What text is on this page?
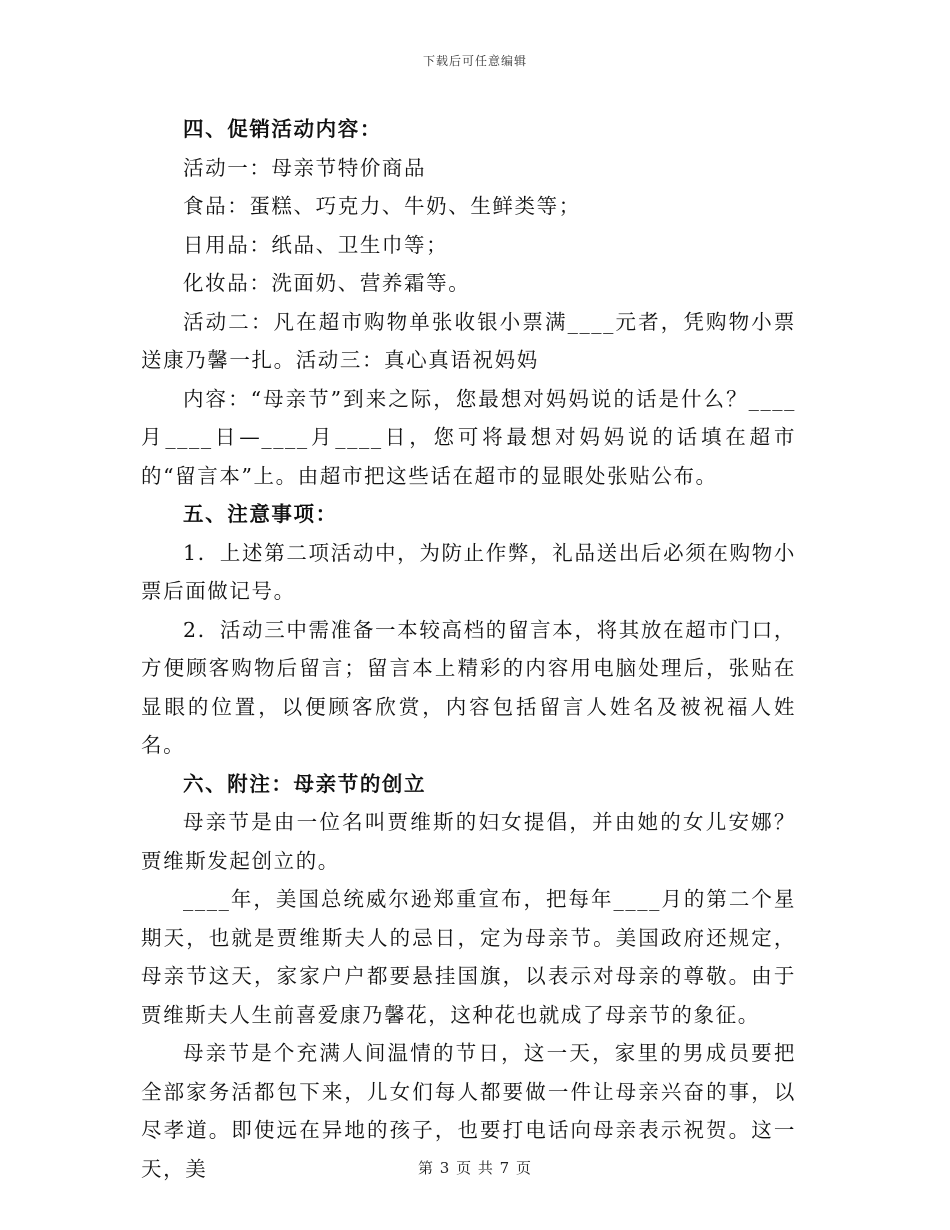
下载后可任意编辑

四、促销活动内容：

活动一：母亲节特价商品

食品：蛋糕、巧克力、牛奶、生鲜类等；

日用品：纸品、卫生巾等；

化妆品：洗面奶、营养霜等。

活动二：凡在超市购物单张收银小票满____元者，凭购物小票送康乃馨一扎。活动三：真心真语祝妈妈

内容：“母亲节”到来之际，您最想对妈妈说的话是什么？____月____日—____月____日，您可将最想对妈妈说的话填在超市的“留言本”上。由超市把这些话在超市的显眼处张贴公布。

五、注意事项：

1．上述第二项活动中，为防止作弊，礼品送出后必须在购物小票后面做记号。

2．活动三中需准备一本较高档的留言本，将其放在超市门口，方便顾客购物后留言；留言本上精彩的内容用电脑处理后，张贴在显眼的位置，以便顾客欣赏，内容包括留言人姓名及被祝福人姓名。

六、附注：母亲节的创立

母亲节是由一位名叫贾维斯的妇女提倡，并由她的女儿安娜？贾维斯发起创立的。

____年，美国总统威尔逊郑重宣布，把每年____月的第二个星期天，也就是贾维斯夫人的忌日，定为母亲节。美国政府还规定，母亲节这天，家家户户都要悬挂国旗，以表示对母亲的尊敬。由于贾维斯夫人生前喜爱康乃馨花，这种花也就成了母亲节的象征。

母亲节是个充满人间温情的节日，这一天，家里的男成员要把全部家务活都包下来，儿女们每人都要做一件让母亲兴奋的事，以尽孝道。即使远在异地的孩子，也要打电话向母亲表示祝贺。这一天，美	第 3 页 共 7 页
